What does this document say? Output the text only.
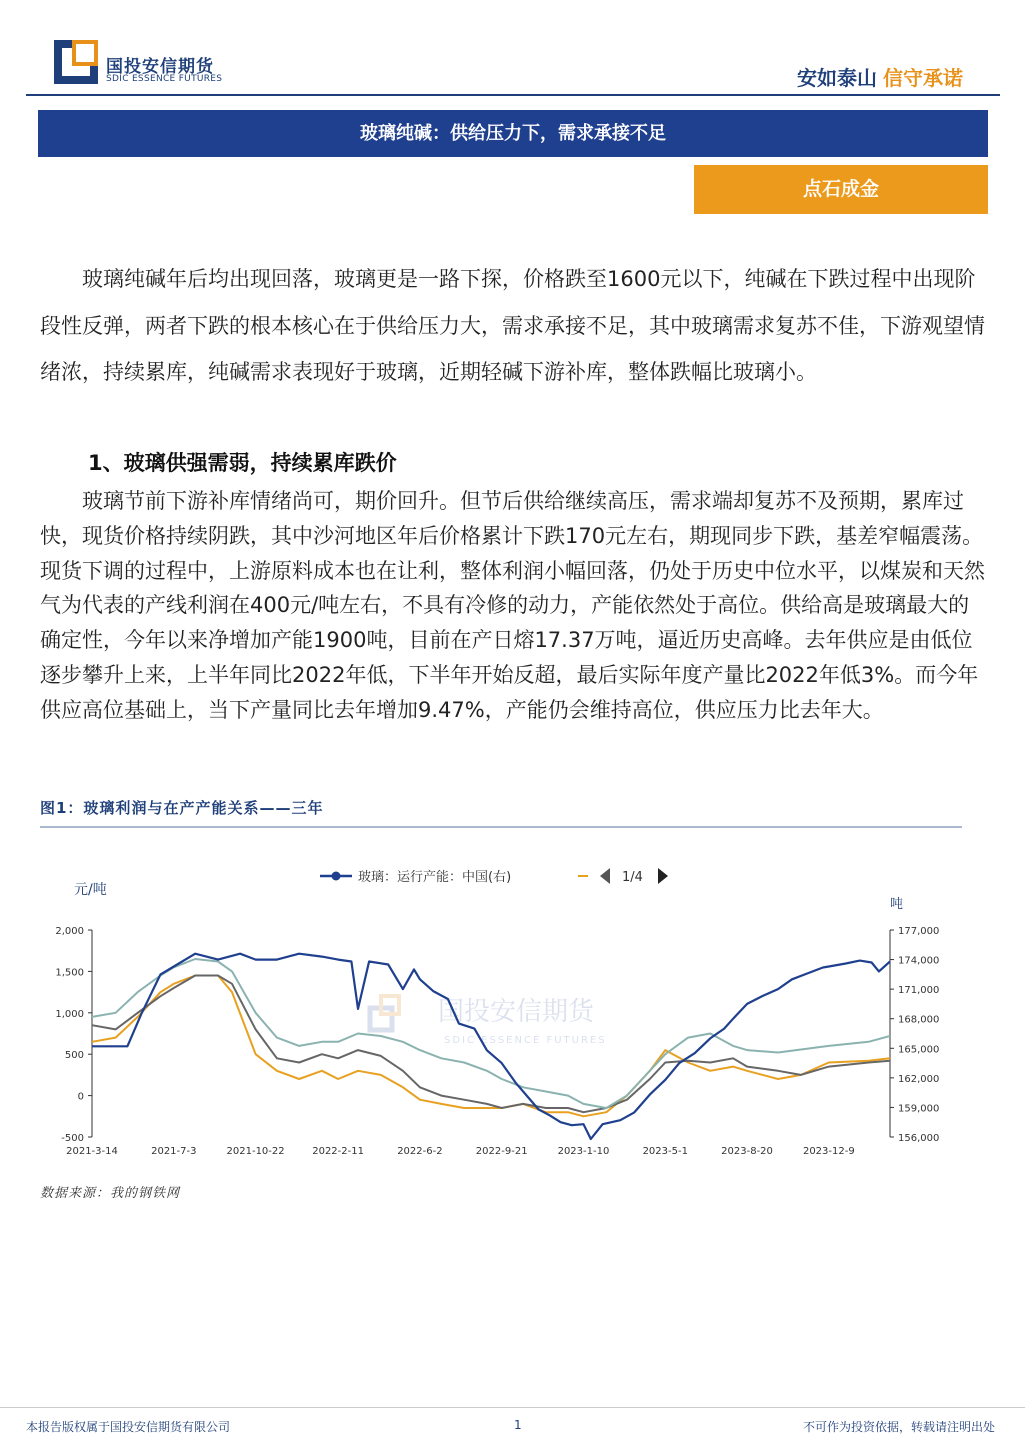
国投安信期货
SDIC ESSENCE FUTURES	安如泰山 信守承诺
玻璃纯碱：供给压力下，需求承接不足
点石成金
玻璃纯碱年后均出现回落，玻璃更是一路下探，价格跌至1600元以下，纯碱在下跌过程中出现阶段性反弹，两者下跌的根本核心在于供给压力大，需求承接不足，其中玻璃需求复苏不佳，下游观望情绪浓，持续累库，纯碱需求表现好于玻璃，近期轻碱下游补库，整体跌幅比玻璃小。
1、玻璃供强需弱，持续累库跌价
玻璃节前下游补库情绪尚可，期价回升。但节后供给继续高压，需求端却复苏不及预期，累库过快，现货价格持续阴跌，其中沙河地区年后价格累计下跌170元左右，期现同步下跌，基差窄幅震荡。现货下调的过程中，上游原料成本也在让利，整体利润小幅回落，仍处于历史中位水平，以煤炭和天然气为代表的产线利润在400元/吨左右，不具有冷修的动力，产能依然处于高位。供给高是玻璃最大的确定性，今年以来净增加产能1900吨，目前在产日熔17.37万吨，逼近历史高峰。去年供应是由低位逐步攀升上来，上半年同比2022年低，下半年开始反超，最后实际年度产量比2022年低3%。而今年供应高位基础上，当下产量同比去年增加9.47%，产能仍会维持高位，供应压力比去年大。
图1：玻璃利润与在产产能关系——三年
玻璃：运行产能：中国(右)	1/4
元/吨
吨
国投安信期货
SDIC ESSENCE FUTURES
-500
0
500
1,000
1,500
2,000
156,000
159,000
162,000
165,000
168,000
171,000
174,000
177,000
2021-3-14	2021-7-3	2021-10-22	2022-2-11	2022-6-2	2022-9-21	2023-1-10	2023-5-1	2023-8-20	2023-12-9
数据来源：我的钢铁网
本报告版权属于国投安信期货有限公司	1	不可作为投资依据，转载请注明出处
